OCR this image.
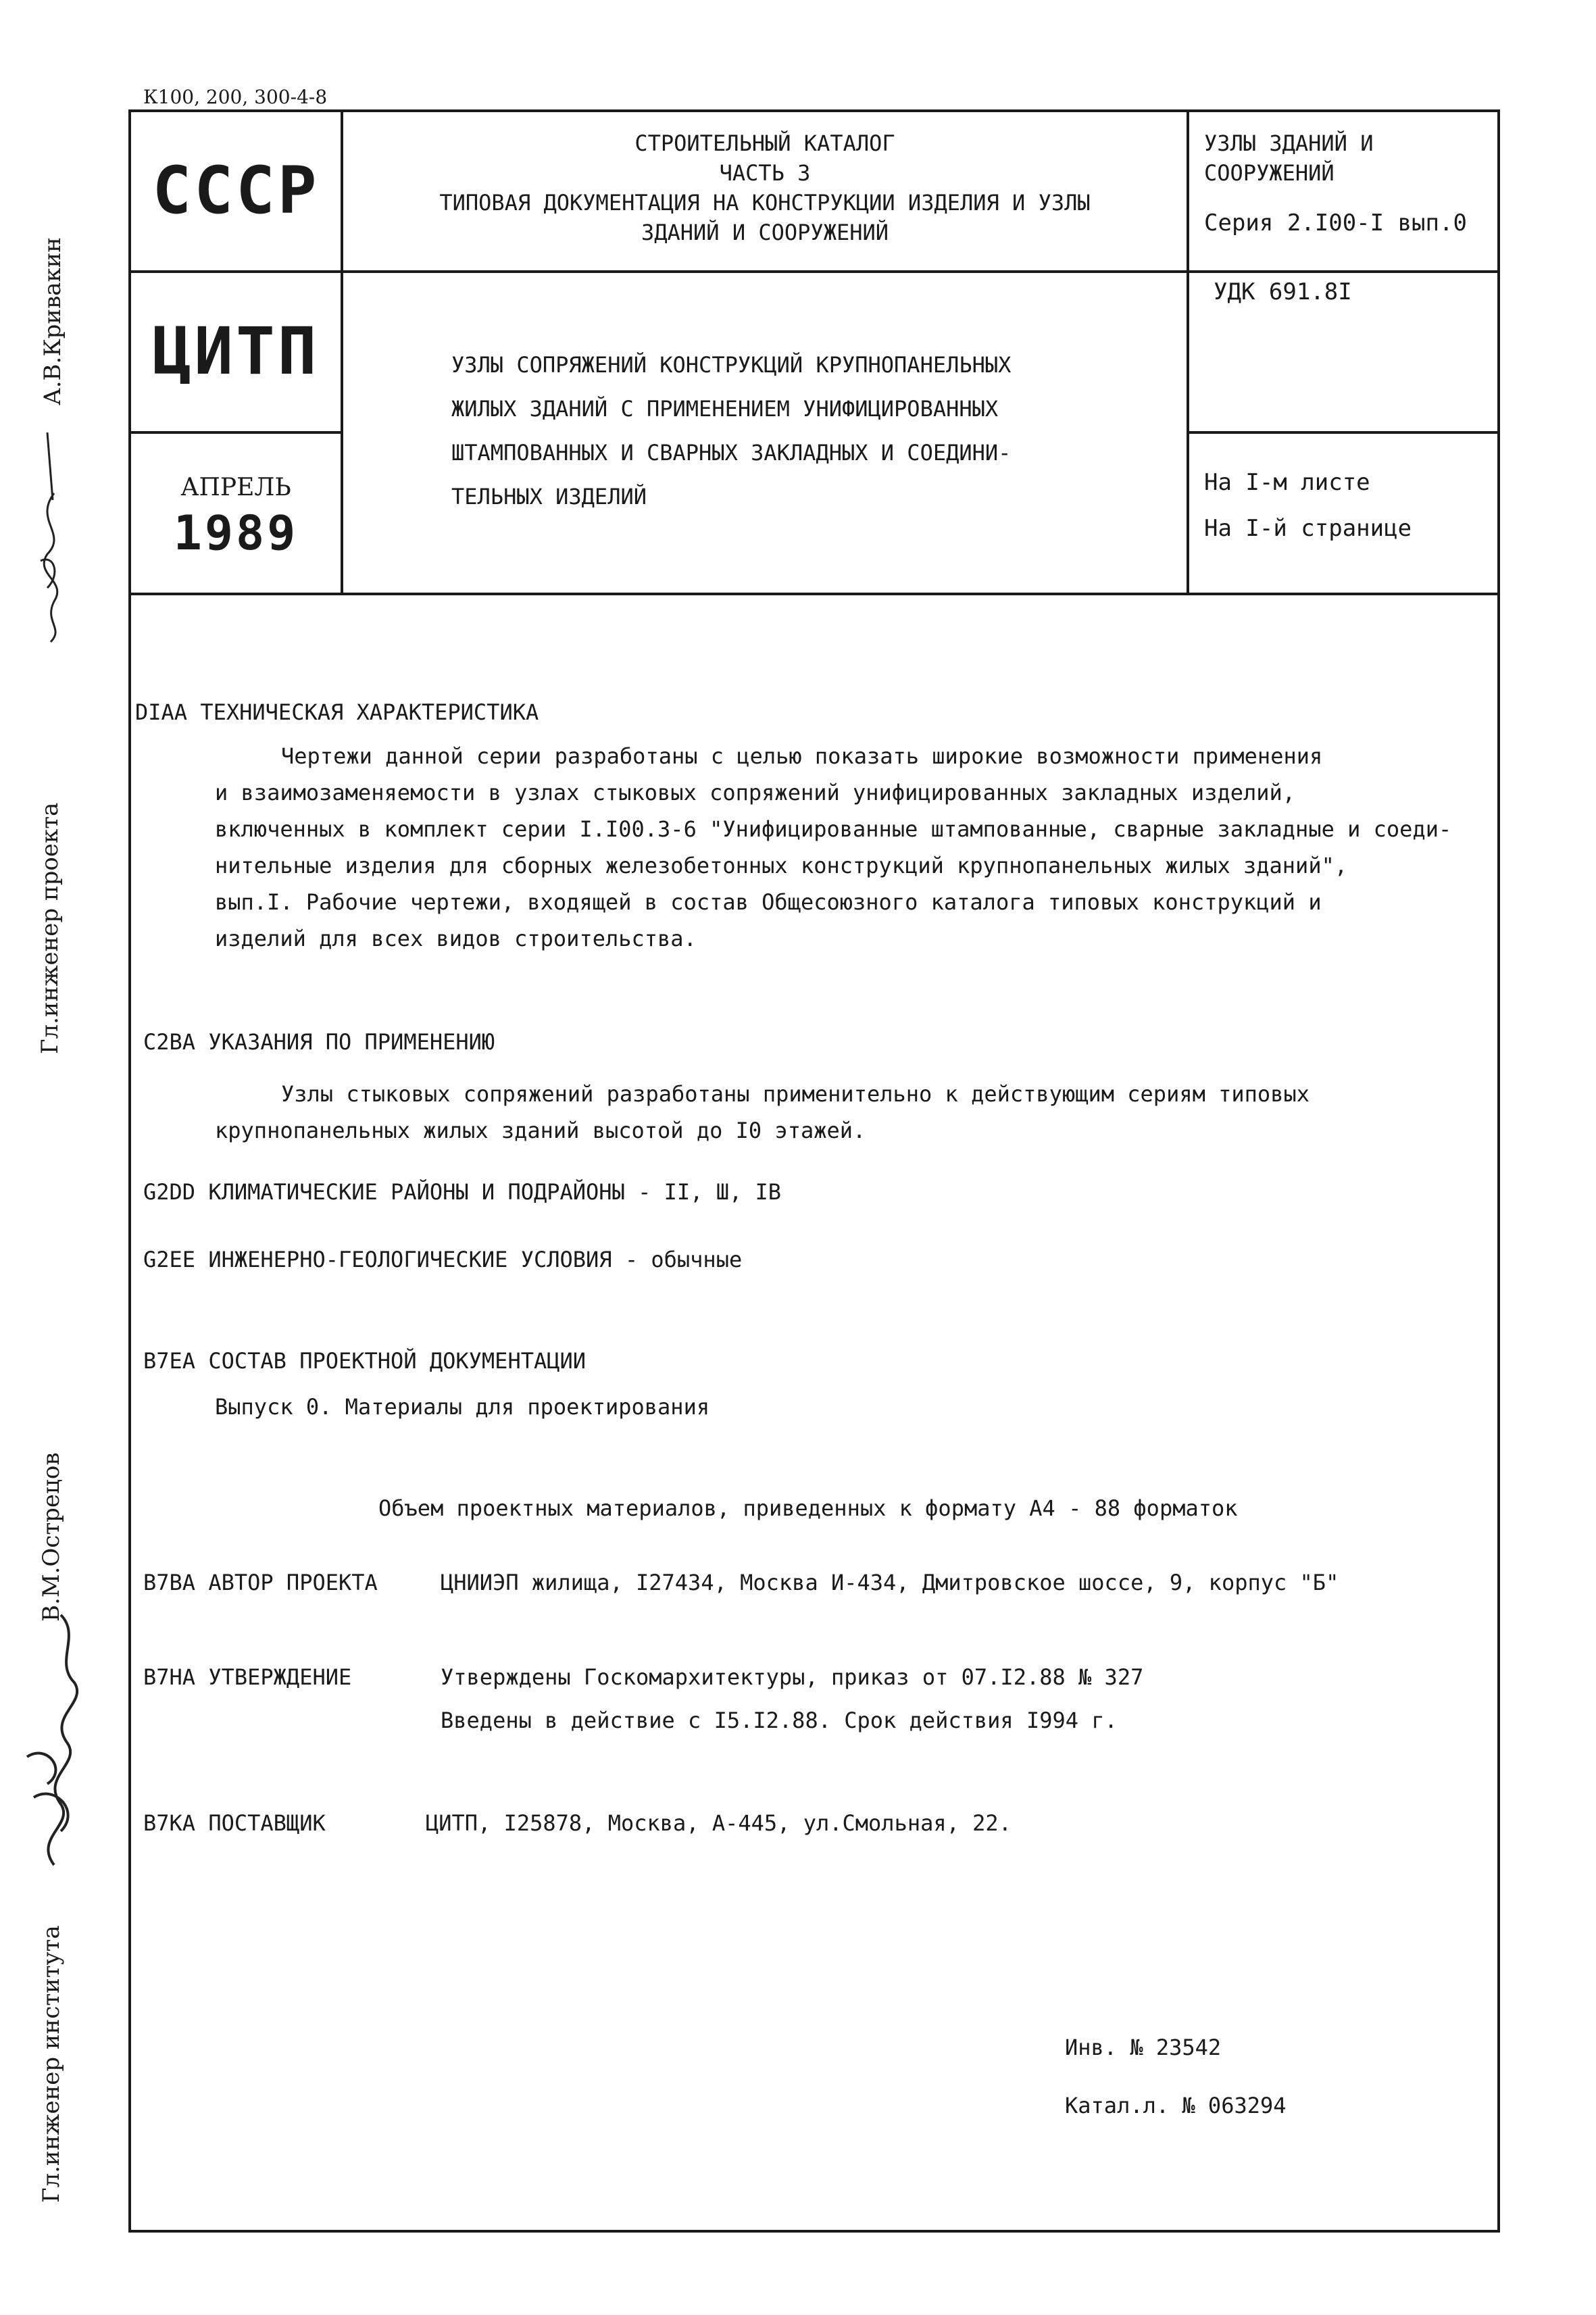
К100, 200, 300-4-8
СССР
ЦИТП
АПРЕЛЬ
1989
СТРОИТЕЛЬНЫЙ КАТАЛОГ
ЧАСТЬ 3
ТИПОВАЯ ДОКУМЕНТАЦИЯ НА КОНСТРУКЦИИ ИЗДЕЛИЯ И УЗЛЫ
ЗДАНИЙ И СООРУЖЕНИЙ
УЗЛЫ ЗДАНИЙ И
СООРУЖЕНИЙ
Серия 2.I00-I вып.0
УЗЛЫ СОПРЯЖЕНИЙ КОНСТРУКЦИЙ КРУПНОПАНЕЛЬНЫХ
ЖИЛЫХ ЗДАНИЙ С ПРИМЕНЕНИЕМ УНИФИЦИРОВАННЫХ
ШТАМПОВАННЫХ И СВАРНЫХ ЗАКЛАДНЫХ И СОЕДИНИ-
ТЕЛЬНЫХ ИЗДЕЛИЙ
УДК 691.8I
На I-м листе
На I-й странице
DIAA ТЕХНИЧЕСКАЯ ХАРАКТЕРИСТИКА
Чертежи данной серии разработаны с целью показать широкие возможности применения
и взаимозаменяемости в узлах стыковых сопряжений унифицированных закладных изделий,
включенных в комплект серии I.I00.3-6 "Унифицированные штампованные, сварные закладные и соеди-
нительные изделия для сборных железобетонных конструкций крупнопанельных жилых зданий",
вып.I. Рабочие чертежи, входящей в состав Общесоюзного каталога типовых конструкций и
изделий для всех видов строительства.
C2BA УКАЗАНИЯ ПО ПРИМЕНЕНИЮ
Узлы стыковых сопряжений разработаны применительно к действующим сериям типовых
крупнопанельных жилых зданий высотой до I0 этажей.
G2DD КЛИМАТИЧЕСКИЕ РАЙОНЫ И ПОДРАЙОНЫ - II, Ш, IВ
G2EE ИНЖЕНЕРНО-ГЕОЛОГИЧЕСКИЕ УСЛОВИЯ - обычные
B7EA СОСТАВ ПРОЕКТНОЙ ДОКУМЕНТАЦИИ
Выпуск 0. Материалы для проектирования
Объем проектных материалов, приведенных к формату А4 - 88 форматок
B7BA АВТОР ПРОЕКТА	ЦНИИЭП жилища, I27434, Москва И-434, Дмитровское шоссе, 9, корпус "Б"
B7HA УТВЕРЖДЕНИЕ	Утверждены Госкомархитектуры, приказ от 07.I2.88 № 327
Введены в действие с I5.I2.88. Срок действия I994 г.
B7KA ПОСТАВЩИК	ЦИТП, I25878, Москва, А-445, ул.Смольная, 22.
Инв. № 23542
Катал.л. № 063294
А.В.Кривакин
Гл.инженер проекта
В.М.Острецов
Гл.инженер института
